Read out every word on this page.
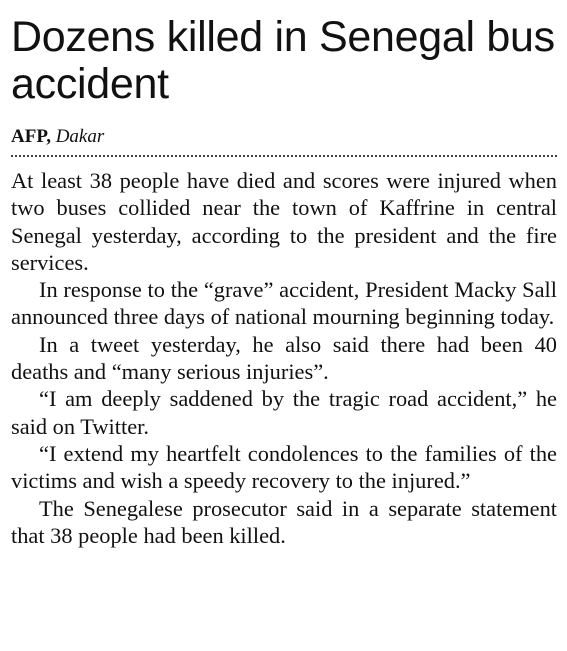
Dozens killed in Senegal bus accident
AFP, Dakar

At least 38 people have died and scores were injured when two buses collided near the town of Kaffrine in central Senegal yesterday, according to the president and the fire services.

In response to the “grave” accident, President Macky Sall announced three days of national mourning beginning today.

In a tweet yesterday, he also said there had been 40 deaths and “many serious injuries”.

“I am deeply saddened by the tragic road accident,” he said on Twitter.

“I extend my heartfelt condolences to the families of the victims and wish a speedy recovery to the injured.”

The Senegalese prosecutor said in a separate statement that 38 people had been killed.
